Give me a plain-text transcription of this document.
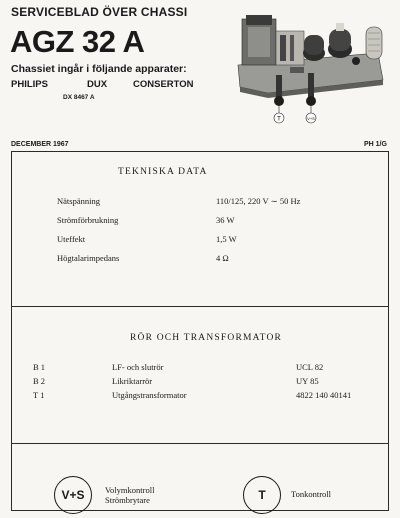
SERVICEBLAD ÖVER CHASSI
AGZ 32 A
Chassiet ingår i följande apparater:
PHILIPS	DUX	CONSERTON
DX 8467 A
T	V+S
DECEMBER 1967	PH 1/G
TEKNISKA DATA
Nätspänning	110/125, 220 V ∼ 50 Hz
Strömförbrukning	36 W
Uteffekt	1,5 W
Högtalarimpedans	4 Ω
RÖR OCH TRANSFORMATOR
B 1	LF- och slutrör	UCL 82
B 2	Likriktarrör	UY 85
T 1	Utgångstransformator	4822 140 40141
V+S Volymkontroll
Strömbrytare	T	Tonkontroll
